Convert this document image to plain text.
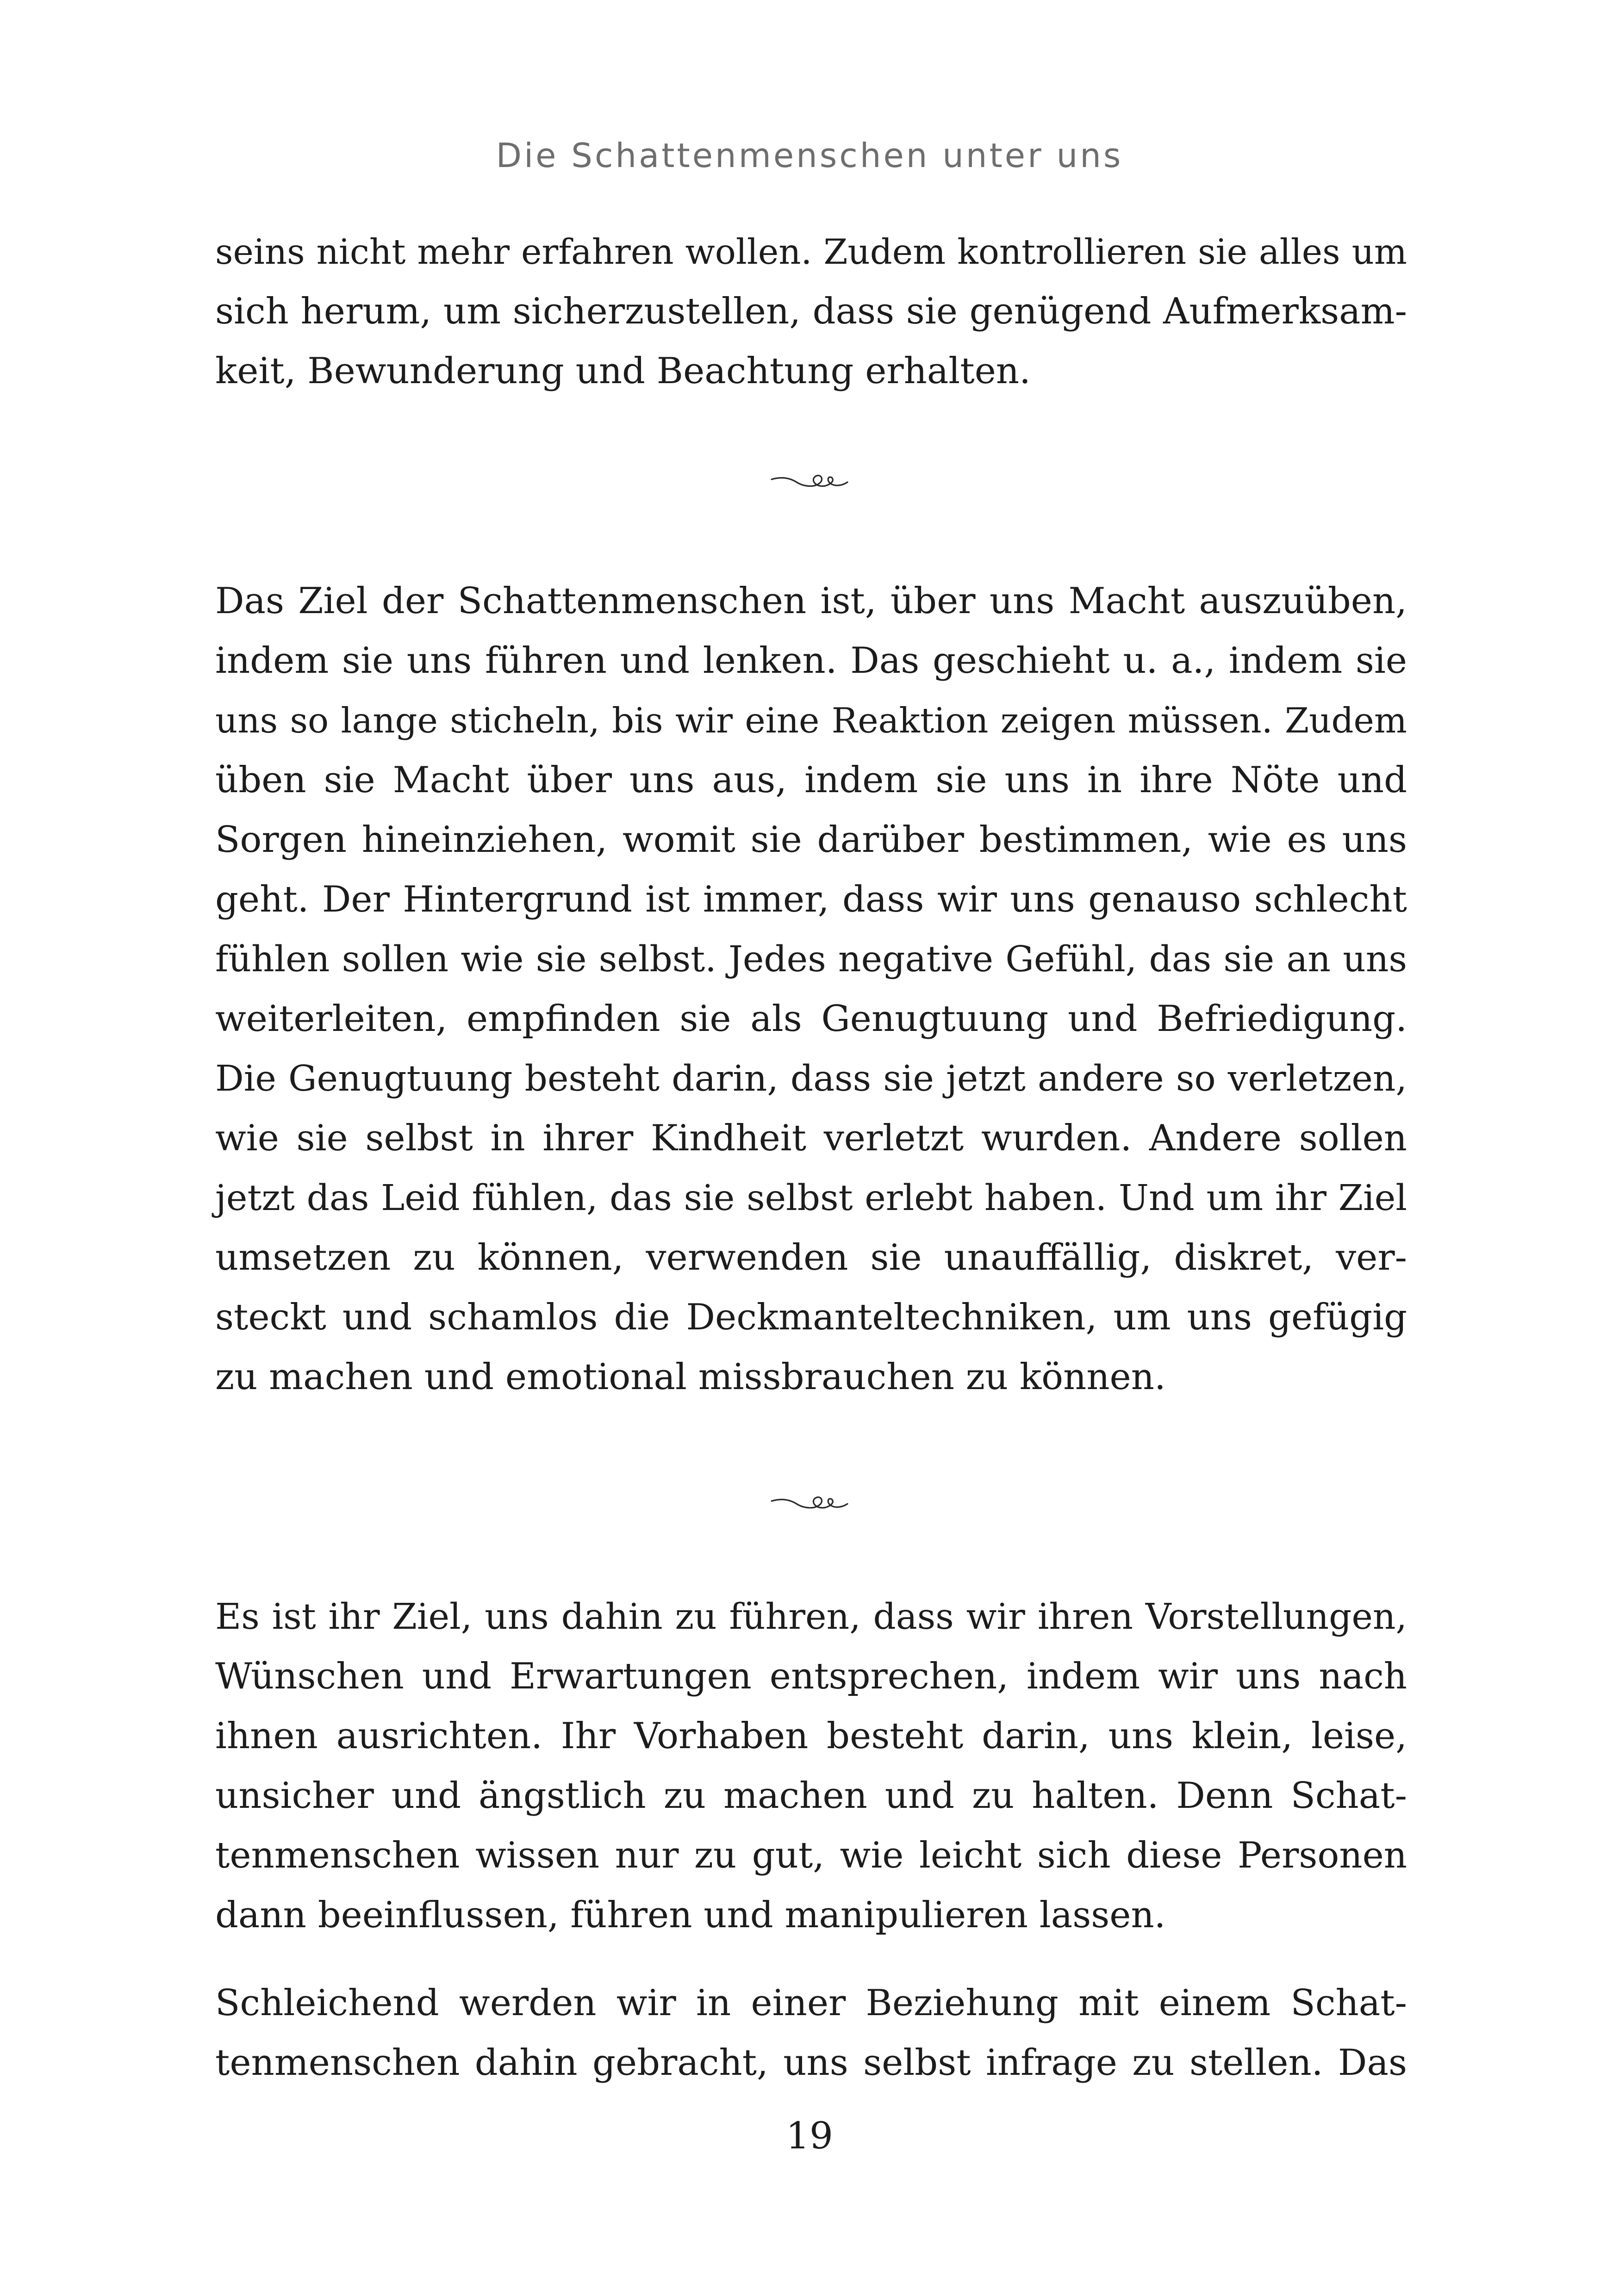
Die Schattenmenschen unter uns
seins nicht mehr erfahren wollen. Zudem kontrollieren sie alles um
sich herum, um sicherzustellen, dass sie genügend Aufmerksam-
keit, Bewunderung und Beachtung erhalten.
Das Ziel der Schattenmenschen ist, über uns Macht auszuüben,
indem sie uns führen und lenken. Das geschieht u. a., indem sie
uns so lange sticheln, bis wir eine Reaktion zeigen müssen. Zudem
üben sie Macht über uns aus, indem sie uns in ihre Nöte und
Sorgen hineinziehen, womit sie darüber bestimmen, wie es uns
geht. Der Hintergrund ist immer, dass wir uns genauso schlecht
fühlen sollen wie sie selbst. Jedes negative Gefühl, das sie an uns
weiterleiten, empfinden sie als Genugtuung und Befriedigung.
Die Genugtuung besteht darin, dass sie jetzt andere so verletzen,
wie sie selbst in ihrer Kindheit verletzt wurden. Andere sollen
jetzt das Leid fühlen, das sie selbst erlebt haben. Und um ihr Ziel
umsetzen zu können, verwenden sie unauffällig, diskret, ver-
steckt und schamlos die Deckmanteltechniken, um uns gefügig
zu machen und emotional missbrauchen zu können.
Es ist ihr Ziel, uns dahin zu führen, dass wir ihren Vorstellungen,
Wünschen und Erwartungen entsprechen, indem wir uns nach
ihnen ausrichten. Ihr Vorhaben besteht darin, uns klein, leise,
unsicher und ängstlich zu machen und zu halten. Denn Schat-
tenmenschen wissen nur zu gut, wie leicht sich diese Personen
dann beeinflussen, führen und manipulieren lassen.
Schleichend werden wir in einer Beziehung mit einem Schat-
tenmenschen dahin gebracht, uns selbst infrage zu stellen. Das
19
